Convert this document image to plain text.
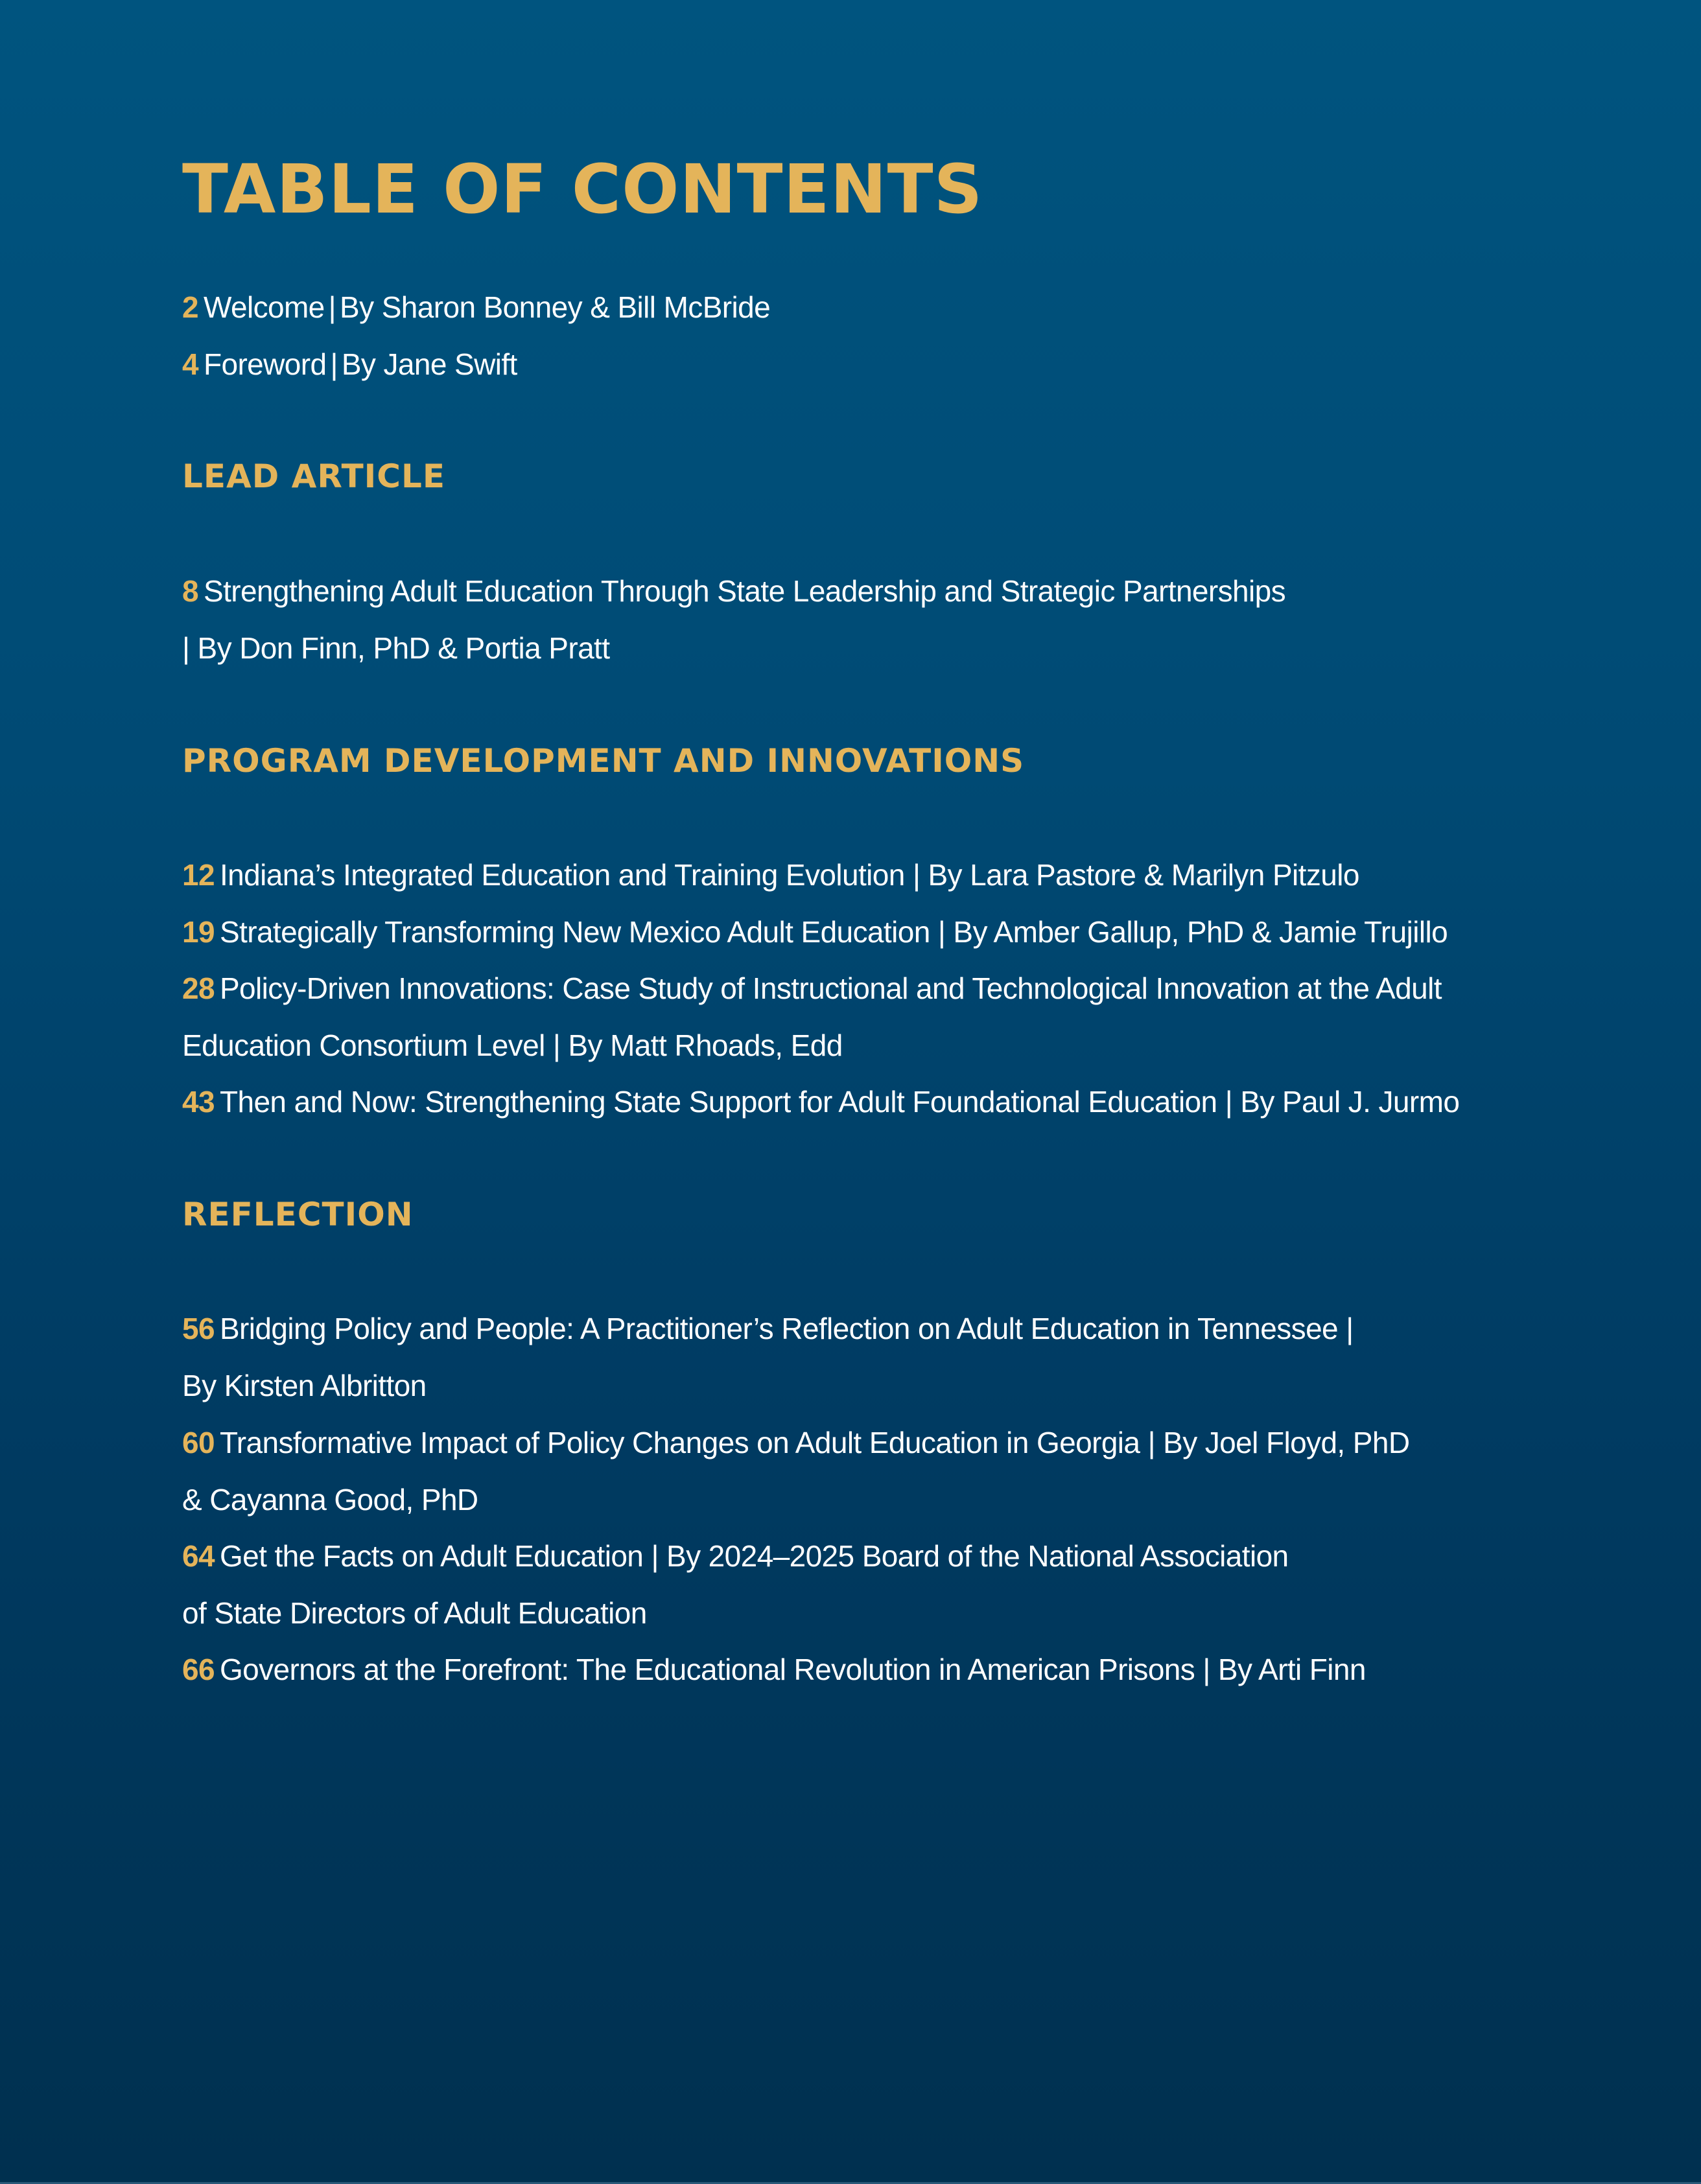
TABLE OF CONTENTS
2 Welcome | By Sharon Bonney & Bill McBride
4 Foreword | By Jane Swift
LEAD ARTICLE
8 Strengthening Adult Education Through State Leadership and Strategic Partnerships
| By Don Finn, PhD & Portia Pratt
PROGRAM DEVELOPMENT AND INNOVATIONS
12 Indiana’s Integrated Education and Training Evolution | By Lara Pastore & Marilyn Pitzulo
19 Strategically Transforming New Mexico Adult Education | By Amber Gallup, PhD & Jamie Trujillo
28 Policy-Driven Innovations: Case Study of Instructional and Technological Innovation at the Adult
Education Consortium Level | By Matt Rhoads, Edd
43 Then and Now: Strengthening State Support for Adult Foundational Education | By Paul J. Jurmo
REFLECTION
56 Bridging Policy and People: A Practitioner’s Reflection on Adult Education in Tennessee |
By Kirsten Albritton
60 Transformative Impact of Policy Changes on Adult Education in Georgia | By Joel Floyd, PhD
& Cayanna Good, PhD
64 Get the Facts on Adult Education | By 2024–2025 Board of the National Association
of State Directors of Adult Education
66 Governors at the Forefront: The Educational Revolution in American Prisons | By Arti Finn
